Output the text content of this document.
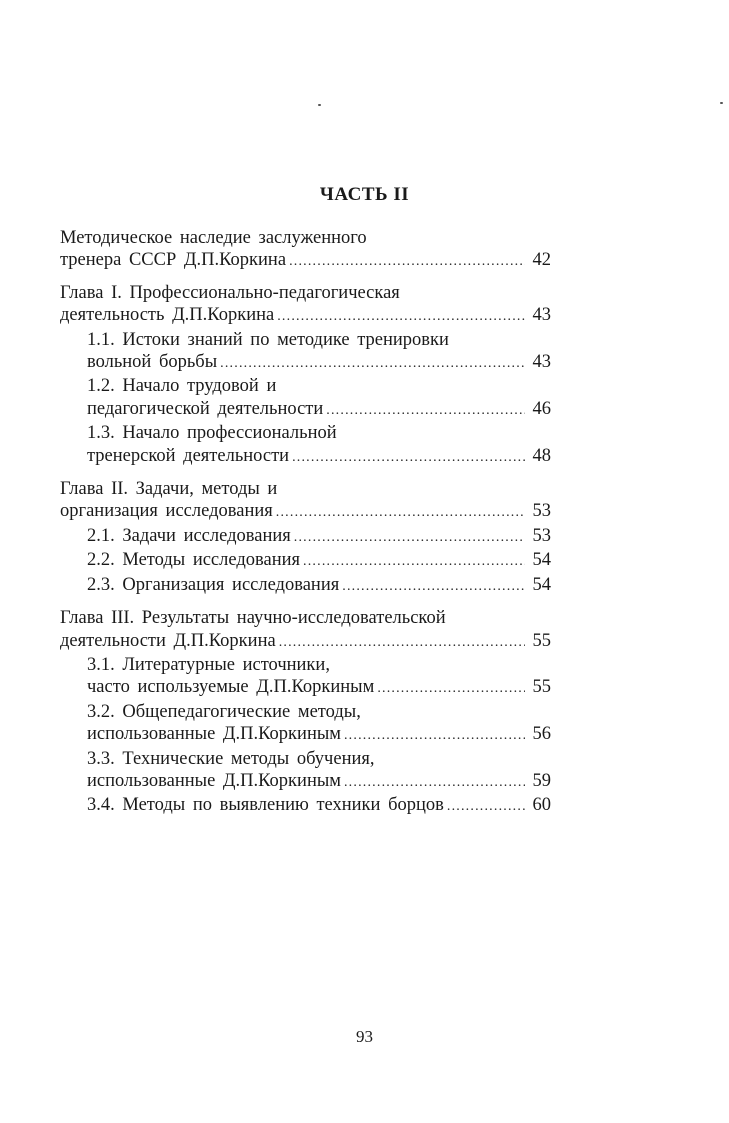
ЧАСТЬ II
Методическое наследие заслуженного
тренера СССР Д.П.Коркина .....	42
Глава I. Профессионально-педагогическая
деятельность Д.П.Коркина .....	43
1.1. Истоки знаний по методике тренировки
вольной борьбы .....	43
1.2. Начало трудовой и
педагогической деятельности .....	46
1.3. Начало профессиональной
тренерской деятельности .....	48
Глава II. Задачи, методы и
организация исследования .....	53
2.1. Задачи исследования .....	53
2.2. Методы исследования .....	54
2.3. Организация исследования .....	54
Глава III. Результаты научно-исследовательской
деятельности Д.П.Коркина .....	55
3.1. Литературные источники,
часто используемые Д.П.Коркиным .....	55
3.2. Общепедагогические методы,
использованные Д.П.Коркиным .....	56
3.3. Технические методы обучения,
использованные Д.П.Коркиным .....	59
3.4. Методы по выявлению техники борцов .....	60
93
